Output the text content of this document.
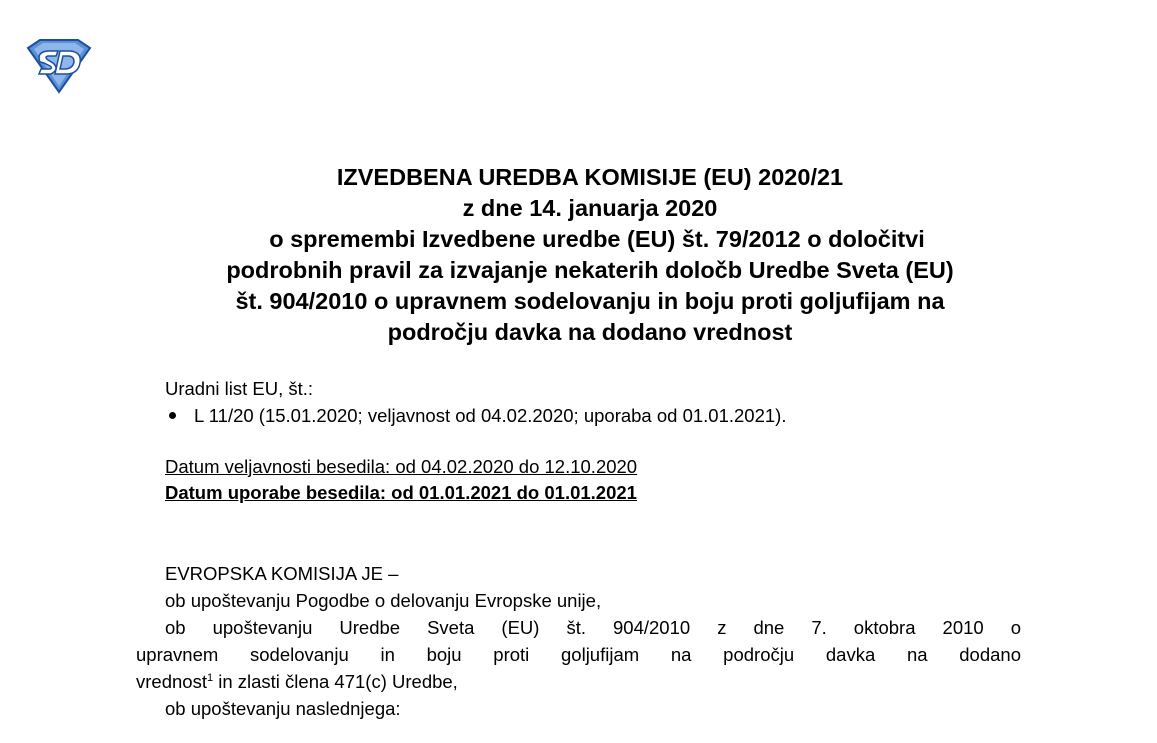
IZVEDBENA UREDBA KOMISIJE (EU) 2020/21
z dne 14. januarja 2020
o spremembi Izvedbene uredbe (EU) št. 79/2012 o določitvi
podrobnih pravil za izvajanje nekaterih določb Uredbe Sveta (EU)
št. 904/2010 o upravnem sodelovanju in boju proti goljufijam na
področju davka na dodano vrednost
Uradni list EU, št.:
L 11/20 (15.01.2020; veljavnost od 04.02.2020; uporaba od 01.01.2021).
Datum veljavnosti besedila: od 04.02.2020 do 12.10.2020
Datum uporabe besedila: od 01.01.2021 do 01.01.2021
EVROPSKA KOMISIJA JE –
ob upoštevanju Pogodbe o delovanju Evropske unije,
ob upoštevanju Uredbe Sveta (EU) št. 904/2010 z dne 7. oktobra 2010 o
upravnem sodelovanju in boju proti goljufijam na področju davka na dodano
vrednost$^1$ in zlasti člena 471(c) Uredbe,
ob upoštevanju naslednjega:
